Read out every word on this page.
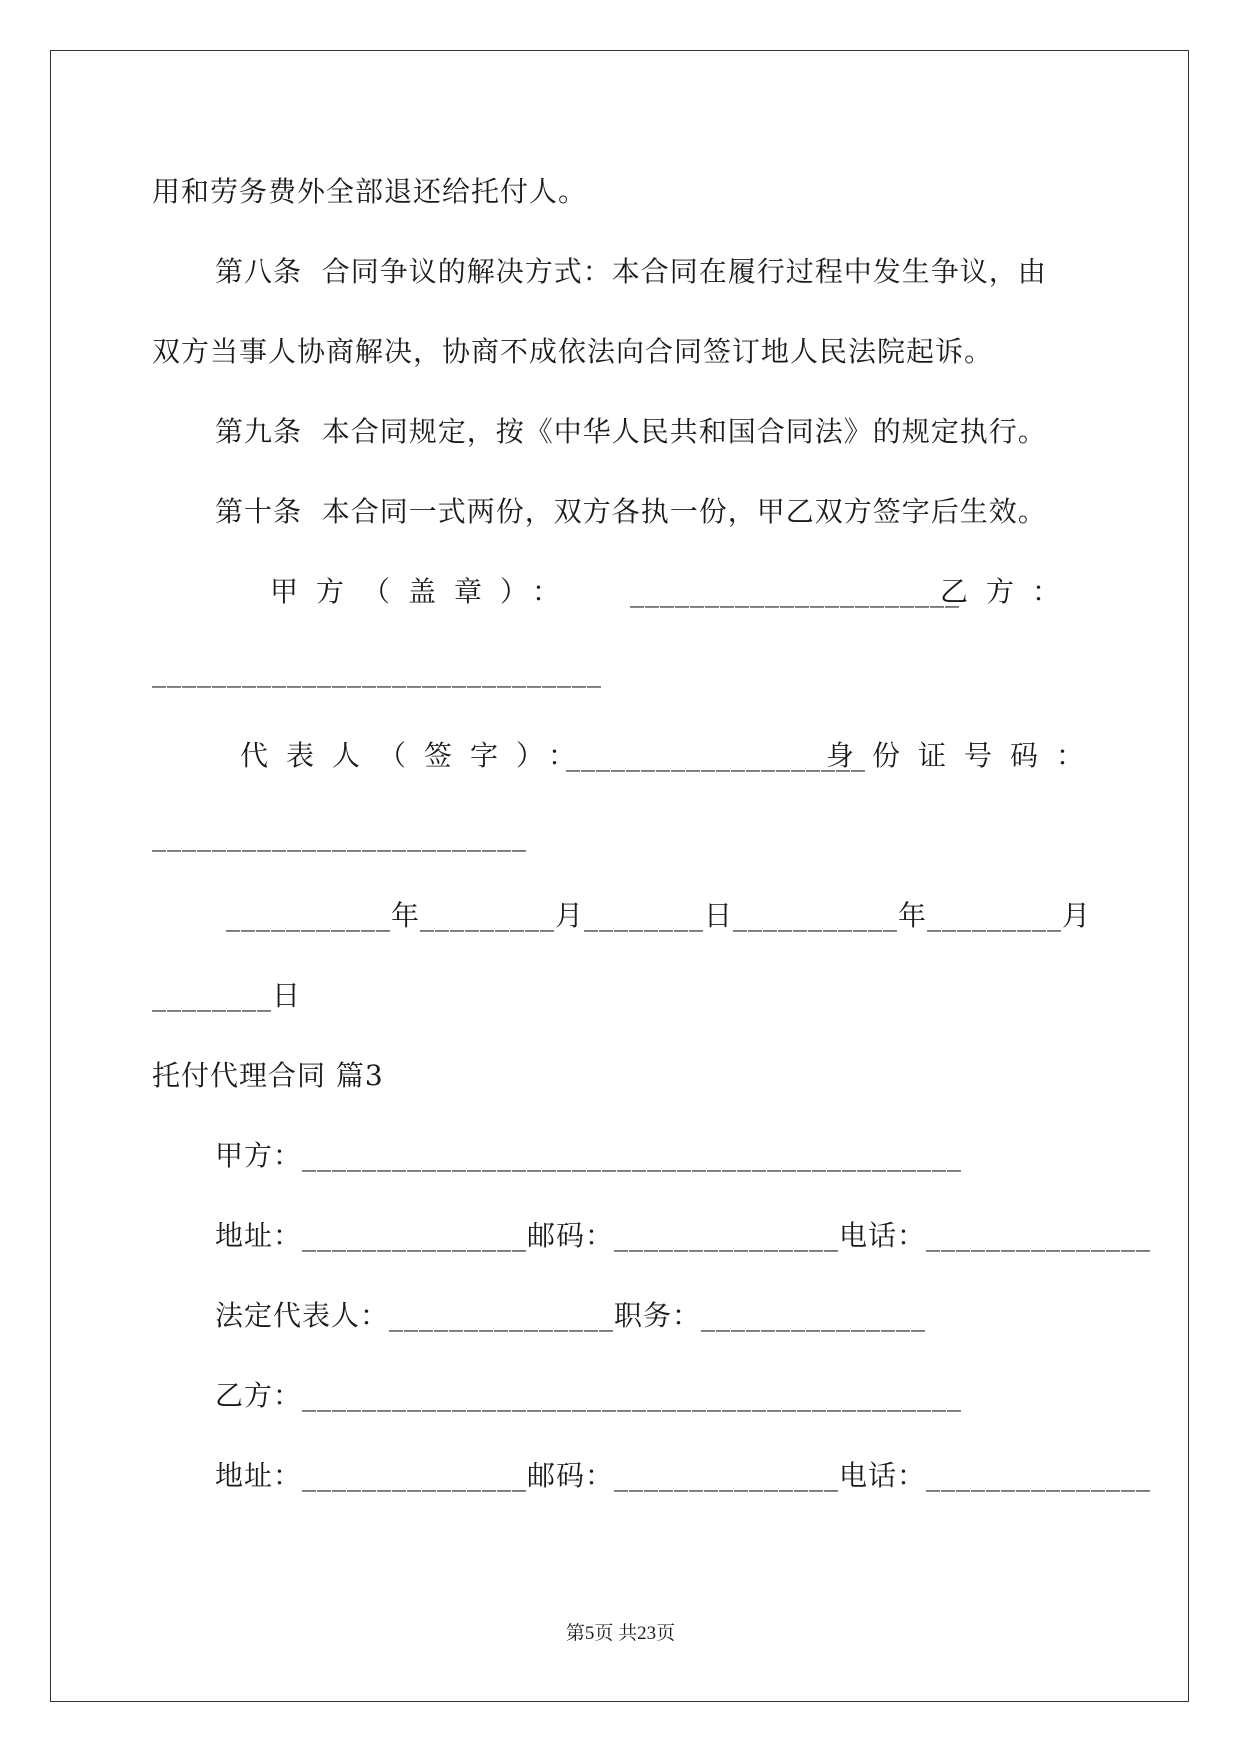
用和劳务费外全部退还给托付人。
第八条  合同争议的解决方式：本合同在履行过程中发生争议，由
双方当事人协商解决，协商不成依法向合同签订地人民法院起诉。
第九条  本合同规定，按《中华人民共和国合同法》的规定执行。
第十条  本合同一式两份，双方各执一份，甲乙双方签字后生效。
甲方（盖章）： ______________________
乙方：
______________________________
代表人（签字）：
____________________
身份证号码：
_________________________
___________年_________月________日___________年_________月
________日
托付代理合同 篇3
甲方：____________________________________________
地址：_______________邮码：_______________电话：_______________
法定代表人：_______________职务：_______________
乙方：____________________________________________
地址：_______________邮码：_______________电话：_______________
第5页 共23页
